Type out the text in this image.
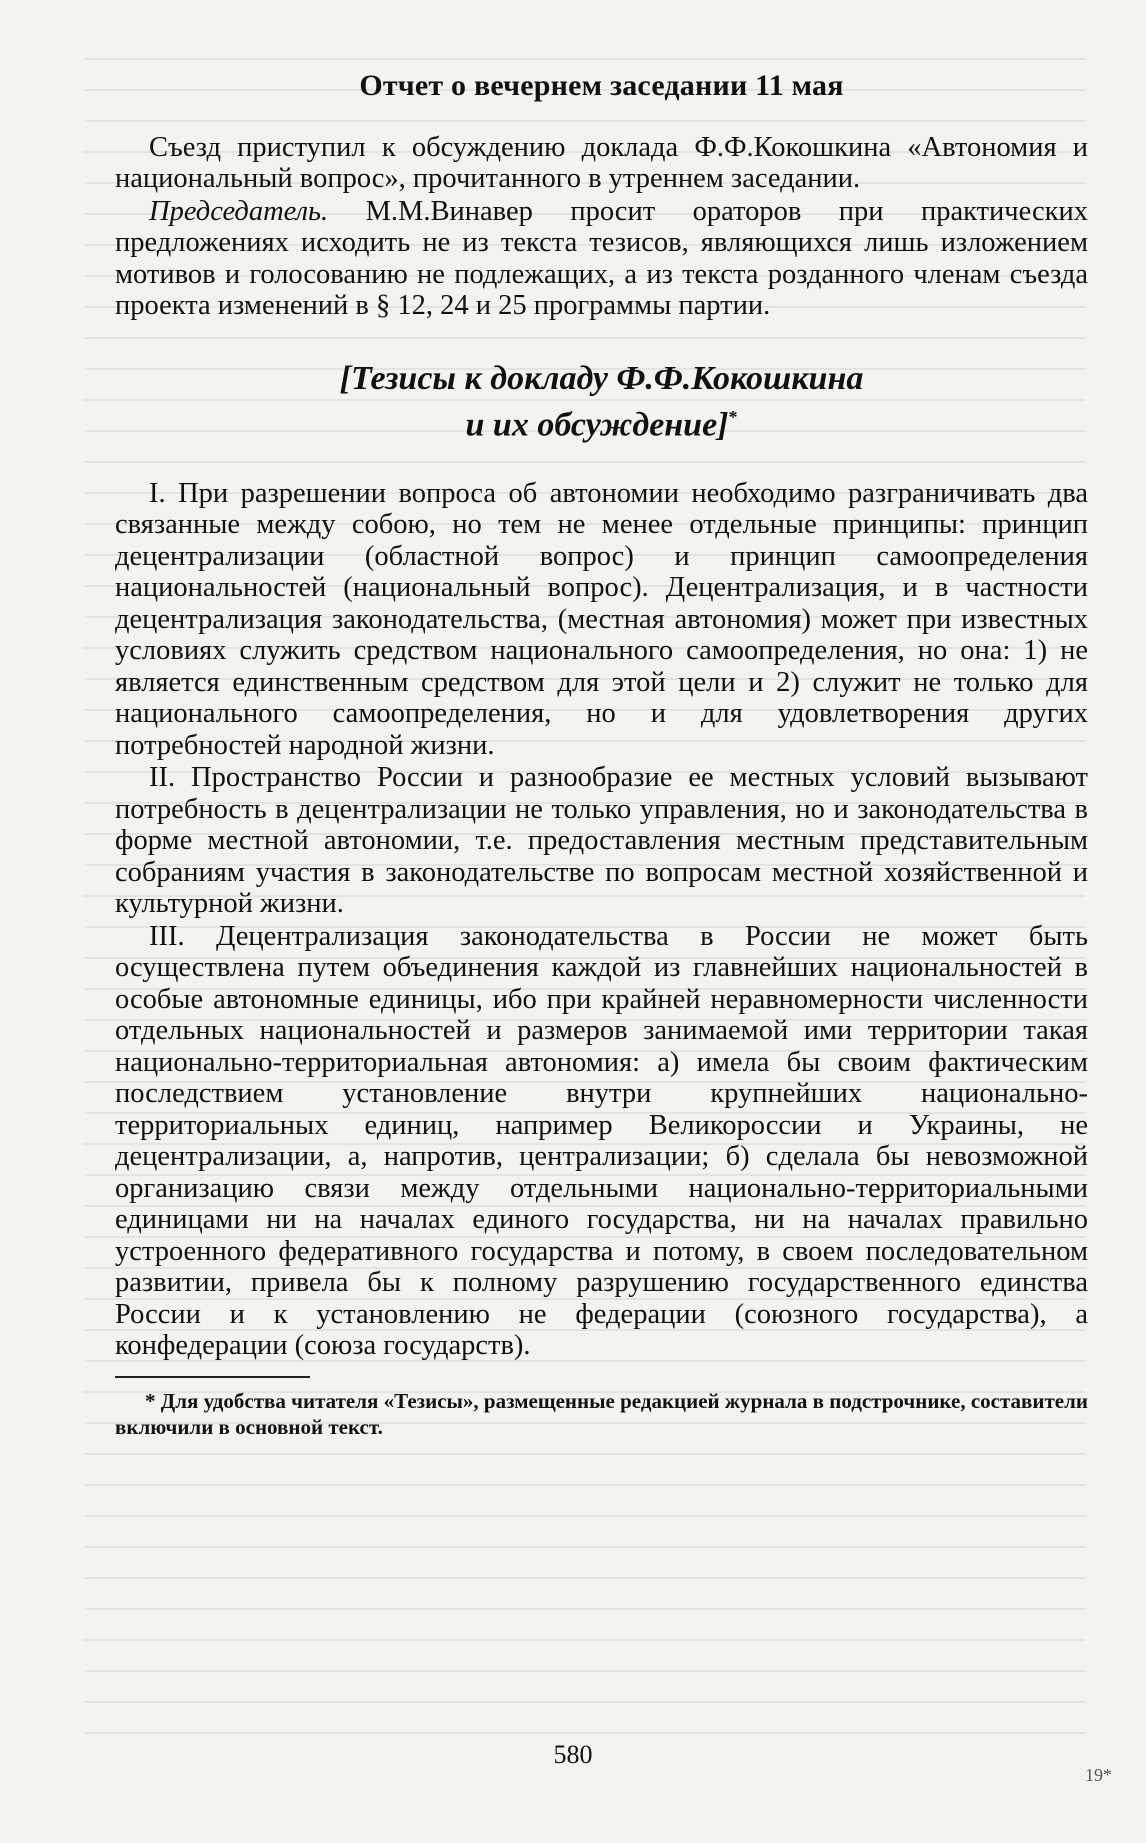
Отчет о вечернем заседании 11 мая

Съезд приступил к обсуждению доклада Ф.Ф.Кокошкина «Автономия и национальный вопрос», прочитанного в утреннем заседании.

Председатель. М.М.Винавер просит ораторов при практических предложениях исходить не из текста тезисов, являющихся лишь изложением мотивов и голосованию не подлежащих, а из текста розданного членам съезда проекта изменений в § 12, 24 и 25 программы партии.

[Тезисы к докладу Ф.Ф.Кокошкина
и их обсуждение]*

I. При разрешении вопроса об автономии необходимо разграничивать два связанные между собою, но тем не менее отдельные принципы: принцип децентрализации (областной вопрос) и принцип самоопределения национальностей (национальный вопрос). Децентрализация, и в частности децентрализация законодательства, (местная автономия) может при известных условиях служить средством национального самоопределения, но она: 1) не является единственным средством для этой цели и 2) служит не только для национального самоопределения, но и для удовлетворения других потребностей народной жизни.

II. Пространство России и разнообразие ее местных условий вызывают потребность в децентрализации не только управления, но и законодательства в форме местной автономии, т.е. предоставления местным представительным собраниям участия в законодательстве по вопросам местной хозяйственной и культурной жизни.

III. Децентрализация законодательства в России не может быть осуществлена путем объединения каждой из главнейших национальностей в особые автономные единицы, ибо при крайней неравномерности численности отдельных национальностей и размеров занимаемой ими территории такая национально-территориальная автономия: а) имела бы своим фактическим последствием установление внутри крупнейших национально-территориальных единиц, например Великороссии и Украины, не децентрализации, а, напротив, централизации; б) сделала бы невозможной организацию связи между отдельными национально-территориальными единицами ни на началах единого государства, ни на началах правильно устроенного федеративного государства и потому, в своем последовательном развитии, привела бы к полному разрушению государственного единства России и к установлению не федерации (союзного государства), а конфедерации (союза государств).

* Для удобства читателя «Тезисы», размещенные редакцией журнала в подстрочнике, составители включили в основной текст.

580
19*
